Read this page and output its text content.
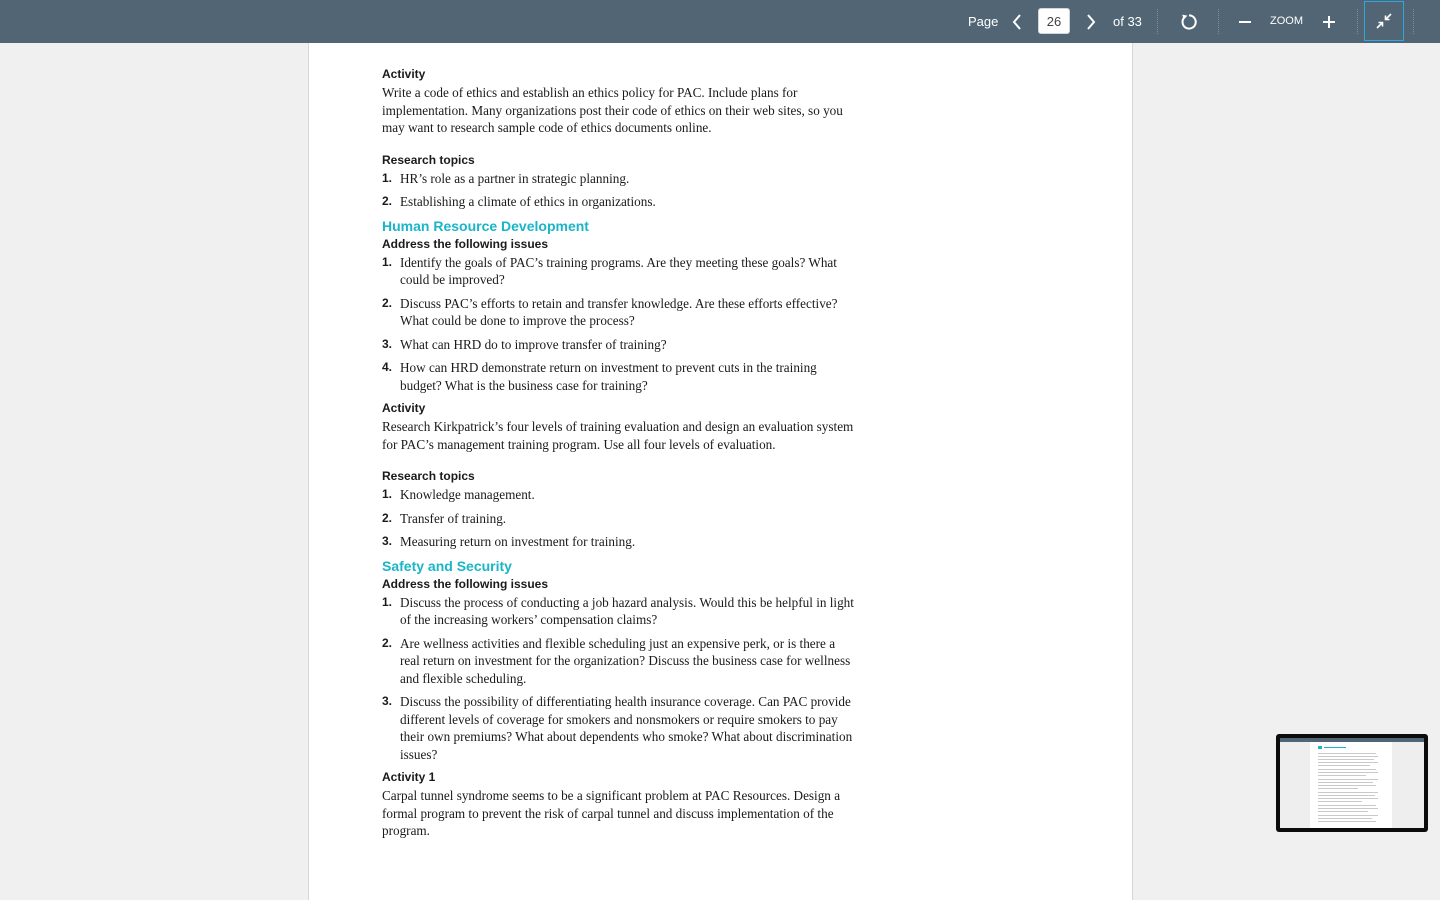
Page
26	of 33	ZOOM
Activity

Write a code of ethics and establish an ethics policy for PAC. Include plans for implementation. Many organizations post their code of ethics on their web sites, so you may want to research sample code of ethics documents online.

Research topics
1. HR’s role as a partner in strategic planning.
2. Establishing a climate of ethics in organizations.
Human Resource Development
Address the following issues
1. Identify the goals of PAC’s training programs. Are they meeting these goals? What could be improved?
2. Discuss PAC’s efforts to retain and transfer knowledge. Are these efforts effective? What could be done to improve the process?
3. What can HRD do to improve transfer of training?
4. How can HRD demonstrate return on investment to prevent cuts in the training budget? What is the business case for training?
Activity

Research Kirkpatrick’s four levels of training evaluation and design an evaluation system for PAC’s management training program. Use all four levels of evaluation.

Research topics
1. Knowledge management.
2. Transfer of training.
3. Measuring return on investment for training.
Safety and Security
Address the following issues
1. Discuss the process of conducting a job hazard analysis. Would this be helpful in light of the increasing workers’ compensation claims?
2. Are wellness activities and flexible scheduling just an expensive perk, or is there a real return on investment for the organization? Discuss the business case for wellness and flexible scheduling.
3. Discuss the possibility of differentiating health insurance coverage. Can PAC provide different levels of coverage for smokers and nonsmokers or require smokers to pay their own premiums? What about dependents who smoke? What about discrimination issues?
Activity 1

Carpal tunnel syndrome seems to be a significant problem at PAC Resources. Design a formal program to prevent the risk of carpal tunnel and discuss implementation of the program.
